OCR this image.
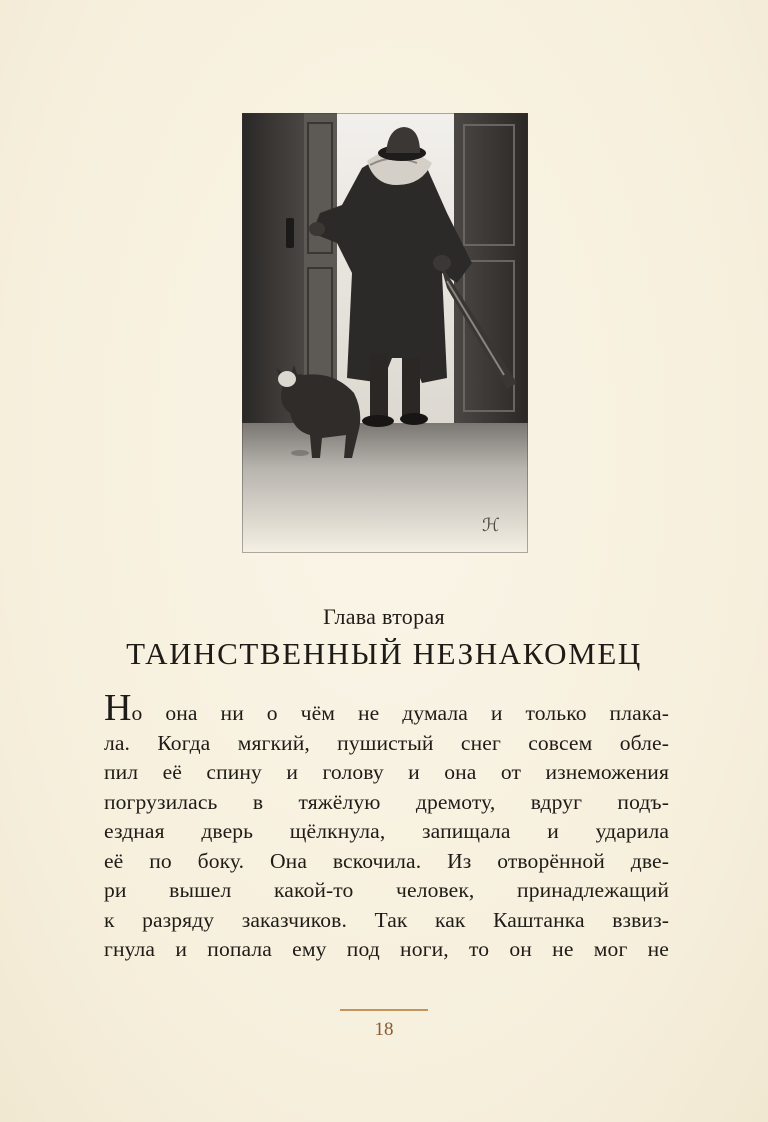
ℋ
Глава вторая
ТАИНСТВЕННЫЙ НЕЗНАКОМЕЦ
Но она ни о чём не думала и только плака-
ла. Когда мягкий, пушистый снег совсем обле-
пил её спину и голову и она от изнеможения
погрузилась в тяжёлую дремоту, вдруг подъ-
ездная дверь щёлкнула, запищала и ударила
её по боку. Она вскочила. Из отворённой две-
ри вышел какой-то человек, принадлежащий
к разряду заказчиков. Так как Каштанка взвиз-
гнула и попала ему под ноги, то он не мог не
18
